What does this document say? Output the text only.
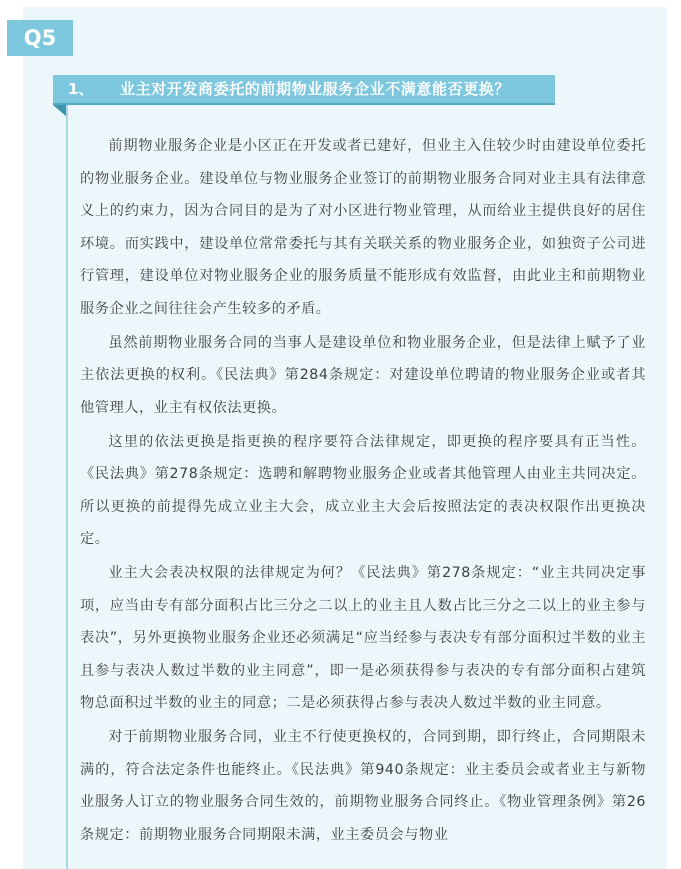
Q5
1、 业主对开发商委托的前期物业服务企业不满意能否更换？

前期物业服务企业是小区正在开发或者已建好，但业主入住较少时由建设单位委托的物业服务企业。建设单位与物业服务企业签订的前期物业服务合同对业主具有法律意义上的约束力，因为合同目的是为了对小区进行物业管理，从而给业主提供良好的居住环境。而实践中，建设单位常常委托与其有关联关系的物业服务企业，如独资子公司进行管理，建设单位对物业服务企业的服务质量不能形成有效监督，由此业主和前期物业服务企业之间往往会产生较多的矛盾。

虽然前期物业服务合同的当事人是建设单位和物业服务企业，但是法律上赋予了业主依法更换的权利。《民法典》第284条规定：对建设单位聘请的物业服务企业或者其他管理人，业主有权依法更换。

这里的依法更换是指更换的程序要符合法律规定，即更换的程序要具有正当性。《民法典》第278条规定：选聘和解聘物业服务企业或者其他管理人由业主共同决定。所以更换的前提得先成立业主大会，成立业主大会后按照法定的表决权限作出更换决定。

业主大会表决权限的法律规定为何？《民法典》第278条规定：“业主共同决定事项，应当由专有部分面积占比三分之二以上的业主且人数占比三分之二以上的业主参与表决”，另外更换物业服务企业还必须满足“应当经参与表决专有部分面积过半数的业主且参与表决人数过半数的业主同意”，即一是必须获得参与表决的专有部分面积占建筑物总面积过半数的业主的同意；二是必须获得占参与表决人数过半数的业主同意。

对于前期物业服务合同，业主不行使更换权的，合同到期，即行终止，合同期限未满的，符合法定条件也能终止。《民法典》第940条规定：业主委员会或者业主与新物业服务人订立的物业服务合同生效的，前期物业服务合同终止。《物业管理条例》第26条规定：前期物业服务合同期限未满，业主委员会与物业
